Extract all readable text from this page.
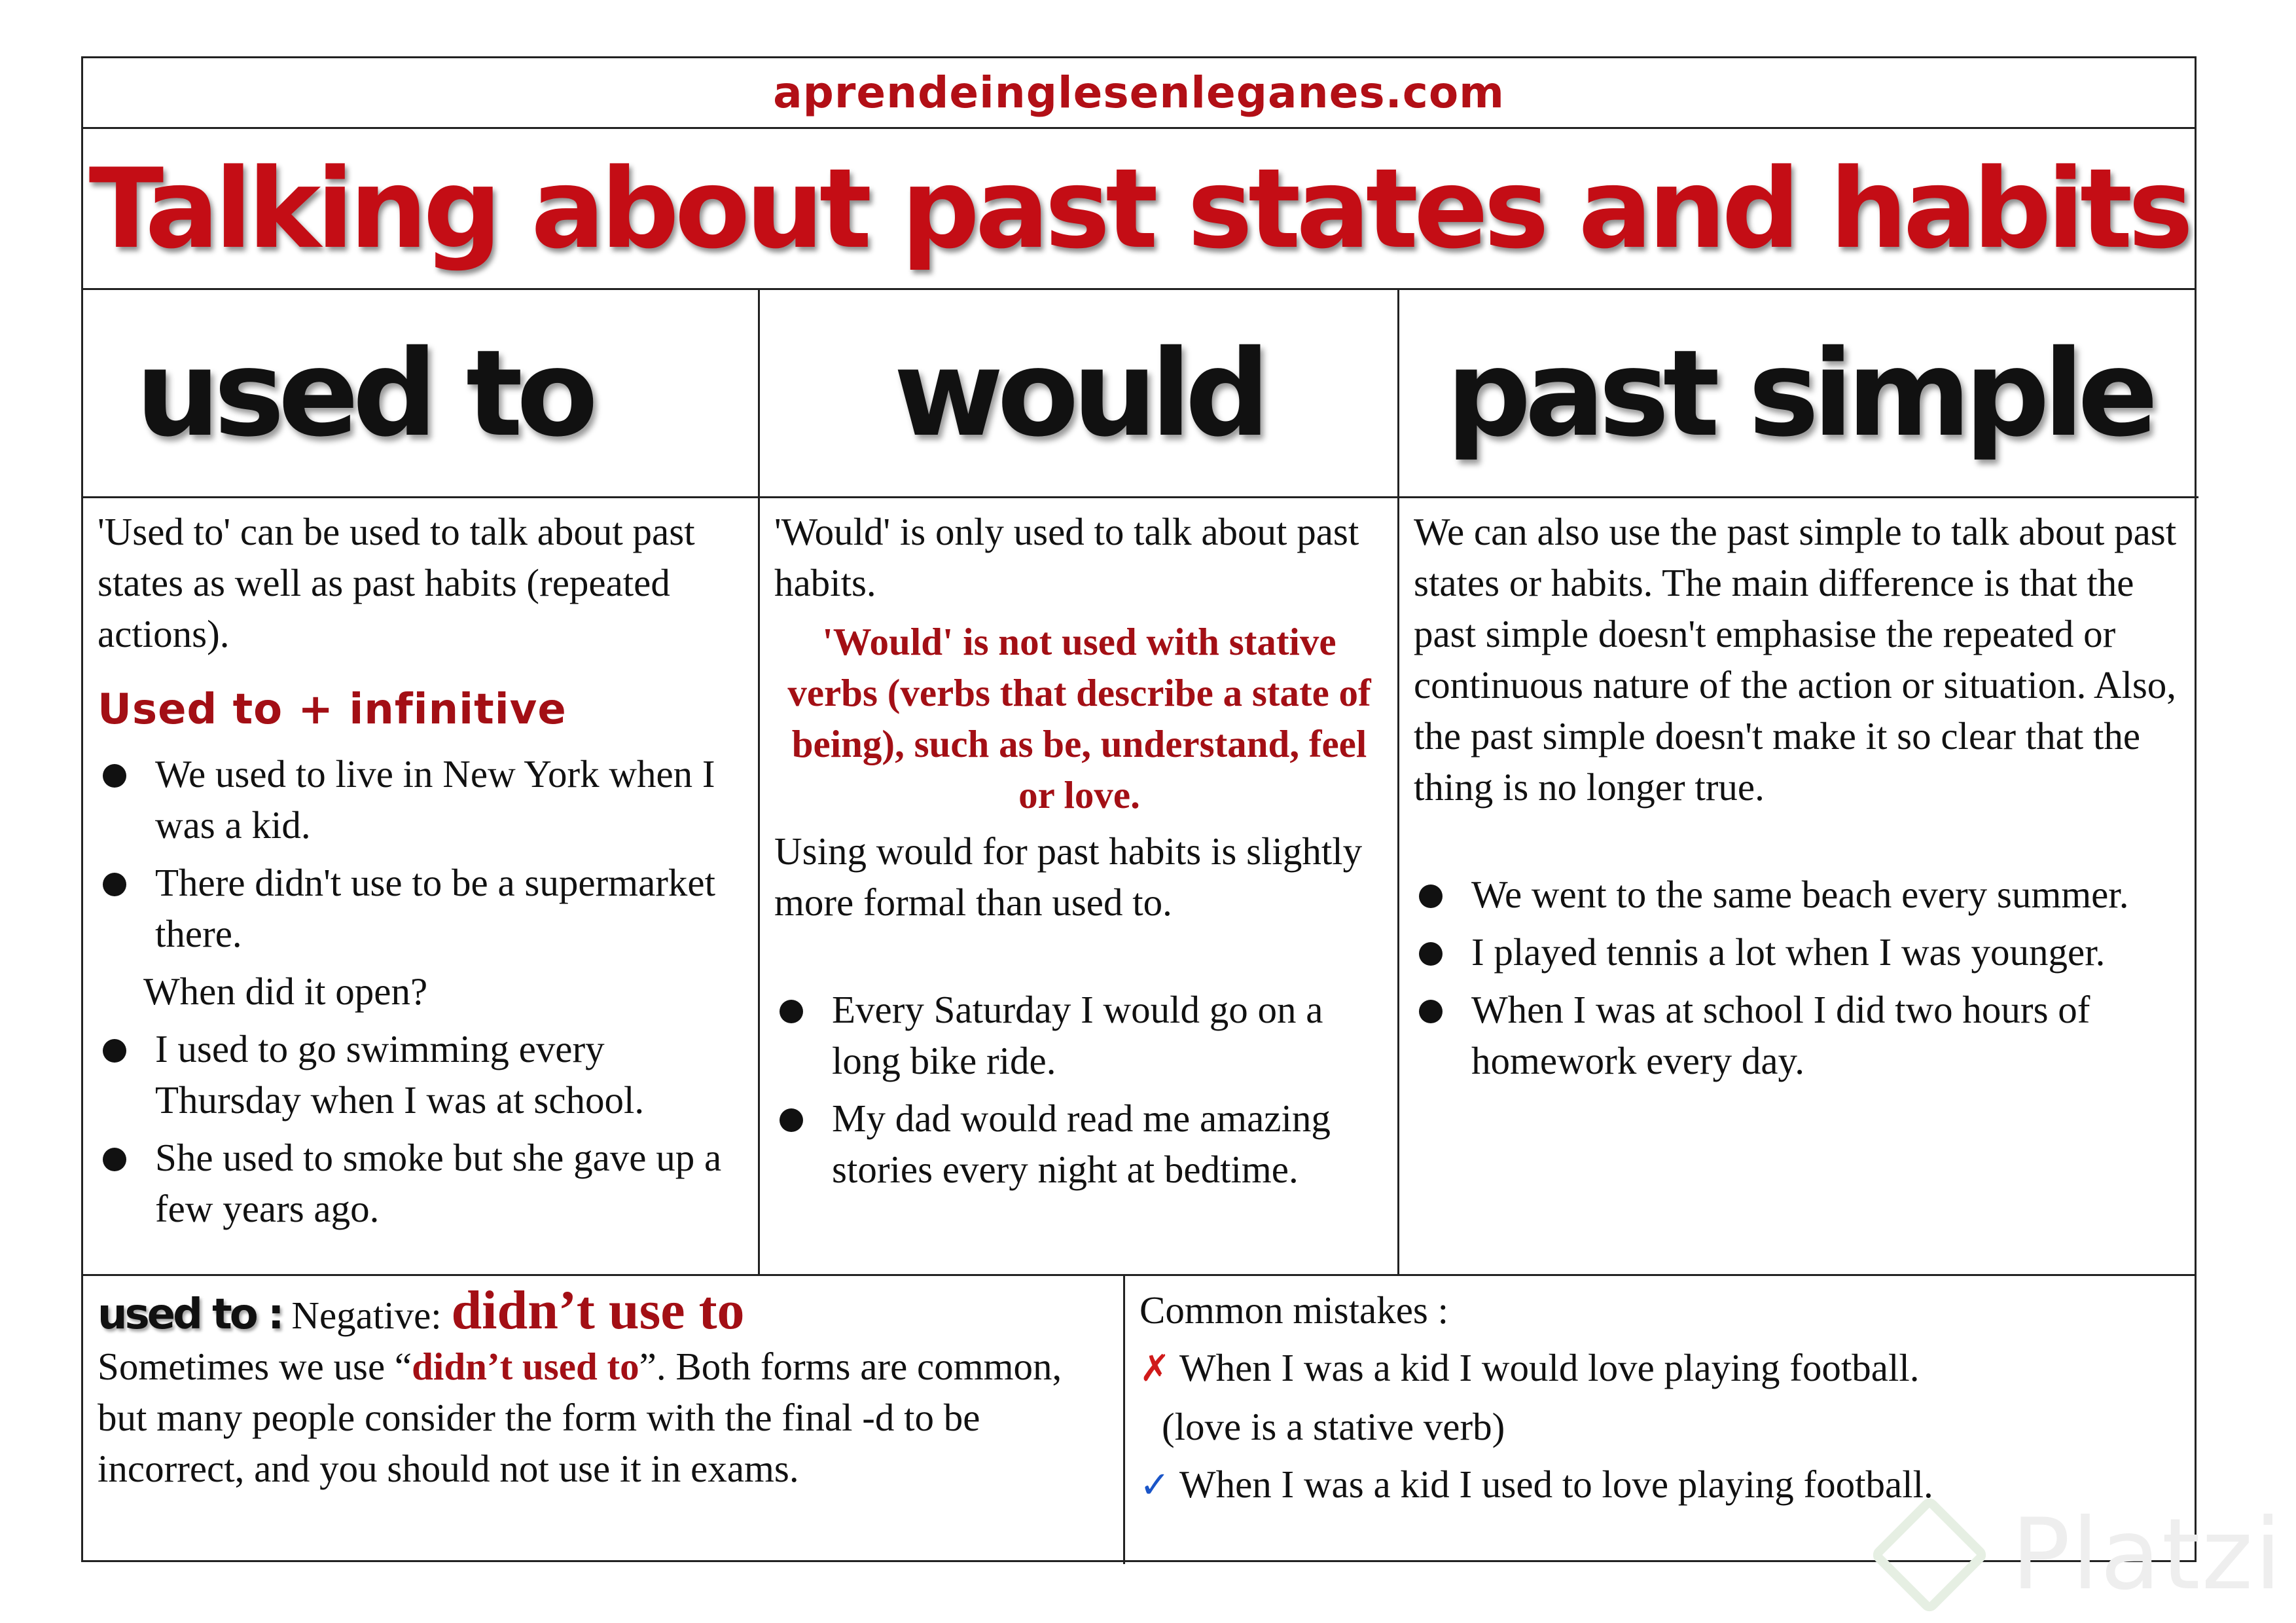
aprendeinglesenleganes.com
Talking about past states and habits
used to

'Used to' can be used to talk about past states as well as past habits (repeated actions).

Used to + infinitive

We used to live in New York when I was a kid.
There didn't use to be a supermarket there.

When did it open?

I used to go swimming every Thursday when I was at school.
She used to smoke but she gave up a few years ago.
would

'Would' is only used to talk about past habits.

'Would' is not used with stative verbs (verbs that describe a state of being), such as be, understand, feel or love.

Using would for past habits is slightly more formal than used to.

Every Saturday I would go on a long bike ride.
My dad would read me amazing stories every night at bedtime.
past simple

We can also use the past simple to talk about past states or habits. The main difference is that the past simple doesn't emphasise the repeated or continuous nature of the action or situation. Also, the past simple doesn't make it so clear that the thing is no longer true.

We went to the same beach every summer.
I played tennis a lot when I was younger.
When I was at school I did two hours of homework every day.

used to : Negative: didn’t use to

Sometimes we use “didn’t used to”. Both forms are common, but many people consider the form with the final -d to be incorrect, and you should not use it in exams.

Common mistakes :

✗ When I was a kid I would love playing football.

(love is a stative verb)

✓ When I was a kid I used to love playing football.

Platzi
